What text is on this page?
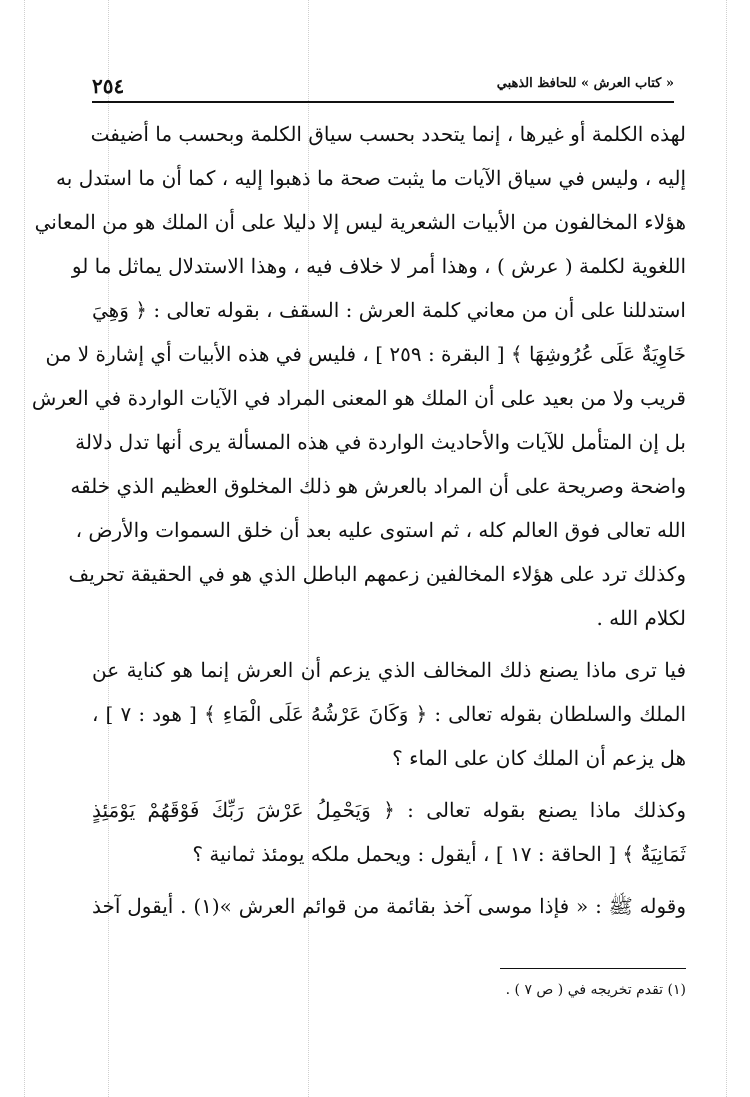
« كتاب العرش » للحافظ الذهبي
٢٥٤
لهذه الكلمة أو غيرها ، إنما يتحدد بحسب سياق الكلمة وبحسب ما أضيفت
إليه ، وليس في سياق الآيات ما يثبت صحة ما ذهبوا إليه ، كما أن ما استدل به
هؤلاء المخالفون من الأبيات الشعرية ليس إلا دليلا على أن الملك هو من المعاني
اللغوية لكلمة ( عرش ) ، وهذا أمر لا خلاف فيه ، وهذا الاستدلال يماثل ما لو
استدللنا على أن من معاني كلمة العرش : السقف ، بقوله تعالى : ﴿ وَهِيَ
خَاوِيَةٌ عَلَى عُرُوشِهَا ﴾ [ البقرة : ٢٥٩ ] ، فليس في هذه الأبيات أي إشارة لا من
قريب ولا من بعيد على أن الملك هو المعنى المراد في الآيات الواردة في العرش
بل إن المتأمل للآيات والأحاديث الواردة في هذه المسألة يرى أنها تدل دلالة
واضحة وصريحة على أن المراد بالعرش هو ذلك المخلوق العظيم الذي خلقه
الله تعالى فوق العالم كله ، ثم استوى عليه بعد أن خلق السموات والأرض ،
وكذلك ترد على هؤلاء المخالفين زعمهم الباطل الذي هو في الحقيقة تحريف
لكلام الله .
فيا ترى ماذا يصنع ذلك المخالف الذي يزعم أن العرش إنما هو كناية عن
الملك والسلطان بقوله تعالى : ﴿ وَكَانَ عَرْشُهُ عَلَى الْمَاءِ ﴾ [ هود : ٧ ] ،
هل يزعم أن الملك كان على الماء ؟
وكذلك ماذا يصنع بقوله تعالى : ﴿ وَيَحْمِلُ عَرْشَ رَبِّكَ فَوْقَهُمْ يَوْمَئِذٍ
ثَمَانِيَةٌ ﴾ [ الحاقة : ١٧ ] ، أيقول : ويحمل ملكه يومئذ ثمانية ؟
وقوله ﷺ : « فإذا موسى آخذ بقائمة من قوائم العرش »(١) . أيقول آخذ
(١) تقدم تخريجه في ( ص ٧ ) .
